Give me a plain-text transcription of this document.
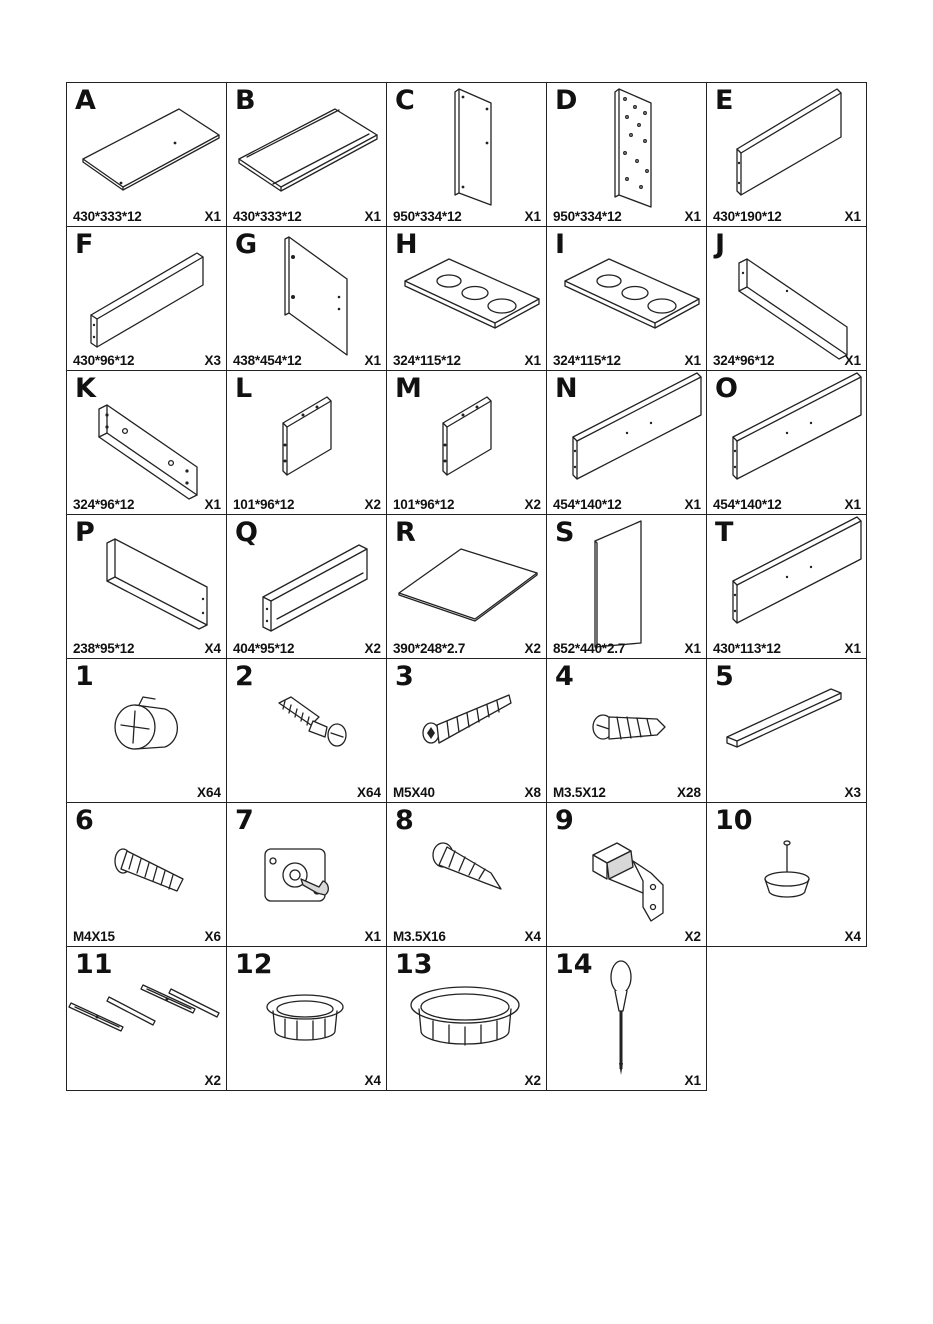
A
430*333*12	X1
B
430*333*12	X1
C
950*334*12	X1
D
950*334*12	X1
E
430*190*12	X1
F
430*96*12	X3
G
438*454*12	X1
H
324*115*12	X1
I
324*115*12	X1
J
324*96*12	X1
K
324*96*12	X1
L
101*96*12	X2
M
101*96*12	X2
N
454*140*12	X1
O
454*140*12	X1
P
238*95*12	X4
Q
404*95*12	X2
R
390*248*2.7	X2
S
852*440*2.7	X1
T
430*113*12	X1
1
X64
2
X64
3
M5X40	X8
4
M3.5X12	X28
5
X3
6
M4X15	X6
7
X1
8
M3.5X16	X4
9
X2
10
X4
11
X2
12
X4
13
X2
14
X1
